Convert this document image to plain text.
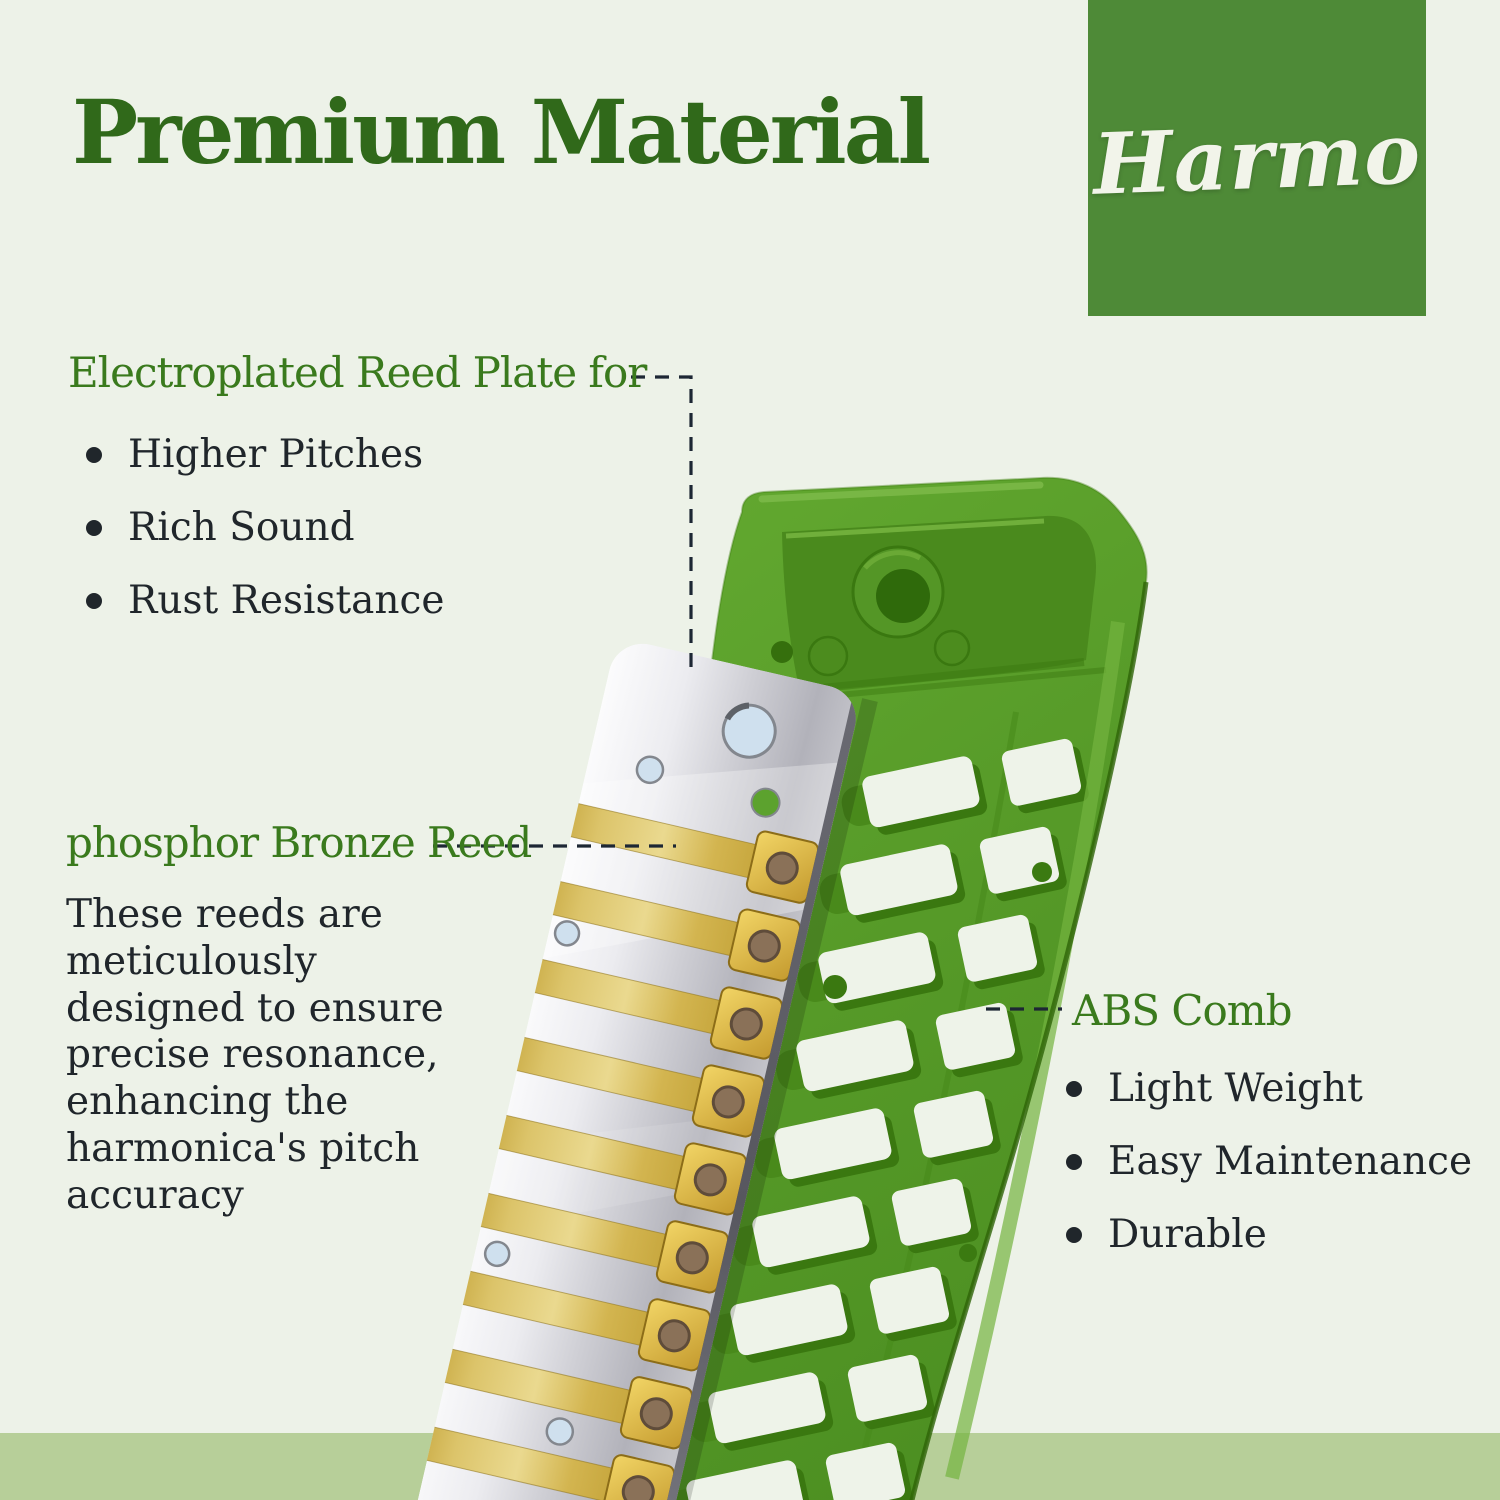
Harmo
Premium Material
Electroplated Reed Plate for
Higher Pitches
Rich Sound
Rust Resistance
phosphor Bronze Reed

These reeds are meticulously designed to ensure precise resonance, enhancing the harmonica's pitch accuracy

ABS Comb
Light Weight
Easy Maintenance
Durable
